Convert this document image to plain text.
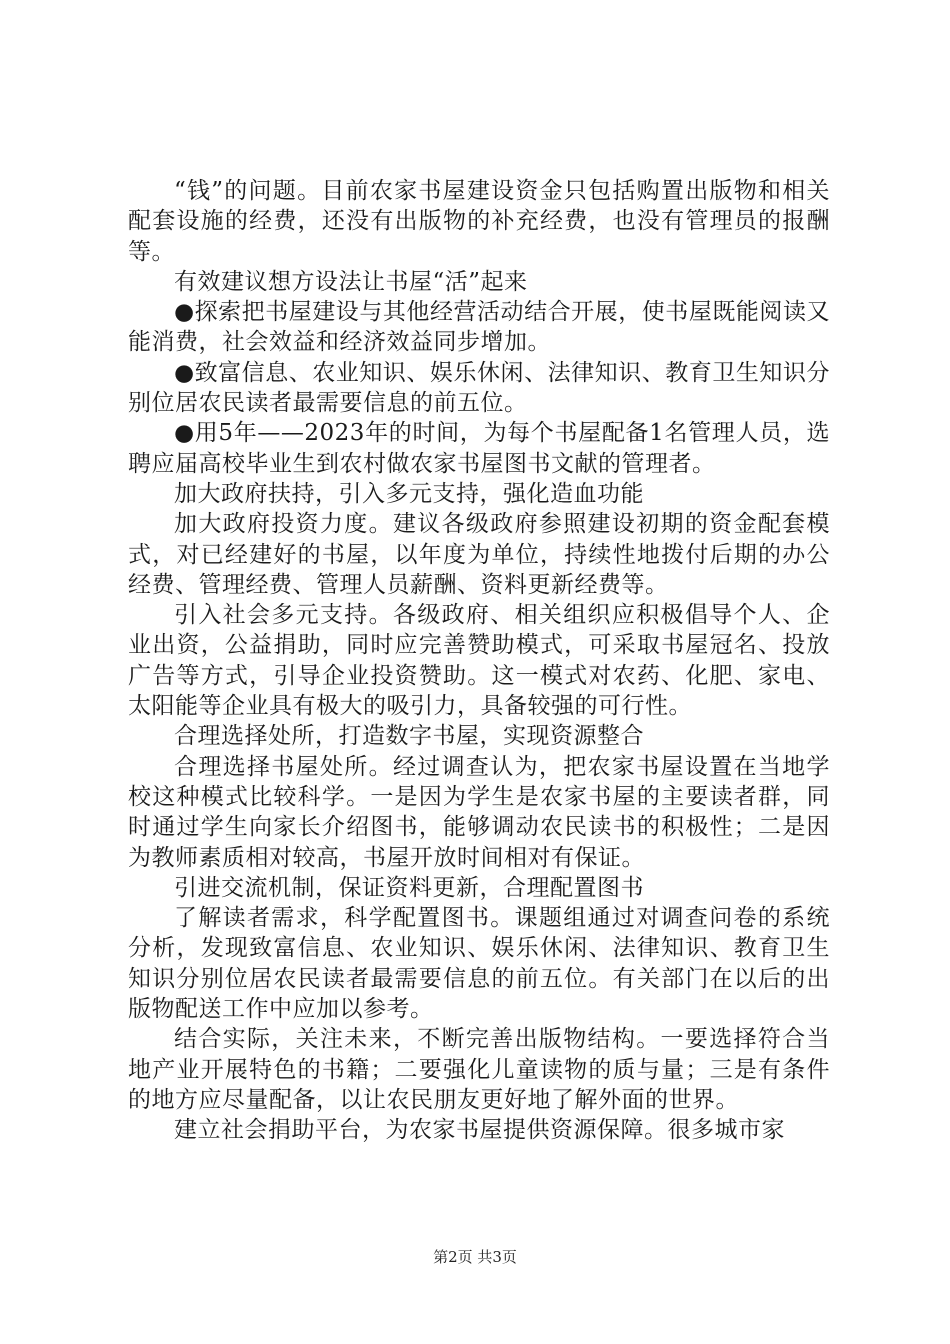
“钱”的问题。目前农家书屋建设资金只包括购置出版物和相关配套设施的经费，还没有出版物的补充经费，也没有管理员的报酬等。

有效建议想方设法让书屋“活”起来

●探索把书屋建设与其他经营活动结合开展，使书屋既能阅读又能消费，社会效益和经济效益同步增加。

●致富信息、农业知识、娱乐休闲、法律知识、教育卫生知识分别位居农民读者最需要信息的前五位。

●用5年——2023年的时间，为每个书屋配备1名管理人员，选聘应届高校毕业生到农村做农家书屋图书文献的管理者。

加大政府扶持，引入多元支持，强化造血功能

加大政府投资力度。建议各级政府参照建设初期的资金配套模式，对已经建好的书屋，以年度为单位，持续性地拨付后期的办公经费、管理经费、管理人员薪酬、资料更新经费等。

引入社会多元支持。各级政府、相关组织应积极倡导个人、企业出资，公益捐助，同时应完善赞助模式，可采取书屋冠名、投放广告等方式，引导企业投资赞助。这一模式对农药、化肥、家电、太阳能等企业具有极大的吸引力，具备较强的可行性。

合理选择处所，打造数字书屋，实现资源整合

合理选择书屋处所。经过调查认为，把农家书屋设置在当地学校这种模式比较科学。一是因为学生是农家书屋的主要读者群，同时通过学生向家长介绍图书，能够调动农民读书的积极性；二是因为教师素质相对较高，书屋开放时间相对有保证。

引进交流机制，保证资料更新，合理配置图书

了解读者需求，科学配置图书。课题组通过对调查问卷的系统分析，发现致富信息、农业知识、娱乐休闲、法律知识、教育卫生知识分别位居农民读者最需要信息的前五位。有关部门在以后的出版物配送工作中应加以参考。

结合实际，关注未来，不断完善出版物结构。一要选择符合当地产业开展特色的书籍；二要强化儿童读物的质与量；三是有条件的地方应尽量配备，以让农民朋友更好地了解外面的世界。

建立社会捐助平台，为农家书屋提供资源保障。很多城市家

第2页 共3页
